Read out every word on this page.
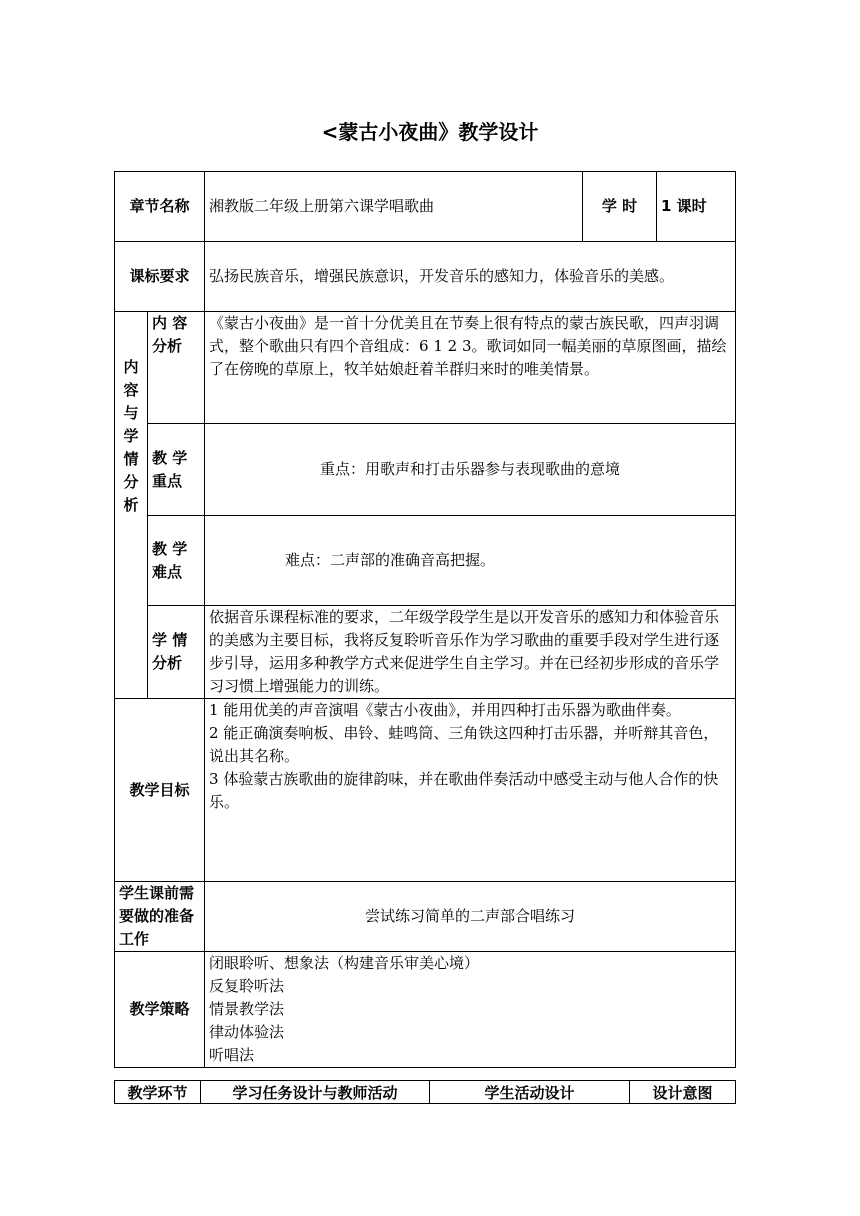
<蒙古小夜曲》教学设计
章节名称		湘教版二年级上册第六课学唱歌曲	学 时	1 课时
课标要求		弘扬民族音乐，增强民族意识，开发音乐的感知力，体验音乐的美感。		

内容与学情分析	内 容 分析	《蒙古小夜曲》是一首十分优美且在节奏上很有特点的蒙古族民歌，四声羽调式，整个歌曲只有四个音组成：6 1 2 3。歌词如同一幅美丽的草原图画，描绘了在傍晚的草原上，牧羊姑娘赶着羊群归来时的唯美情景。		
	教 学 重点	重点：用歌声和打击乐器参与表现歌曲的意境		
	教 学 难点	难点：二声部的准确音高把握。		
	学 情 分析	依据音乐课程标准的要求，二年级学段学生是以开发音乐的感知力和体验音乐的美感为主要目标，我将反复聆听音乐作为学习歌曲的重要手段对学生进行逐步引导，运用多种教学方式来促进学生自主学习。并在已经初步形成的音乐学习习惯上增强能力的训练。		
教学目标		1 能用优美的声音演唱《蒙古小夜曲》，并用四种打击乐器为歌曲伴奏。

2 能正确演奏响板、串铃、蛙鸣筒、三角铁这四种打击乐器，并听辩其音色，说出其名称。

3 体验蒙古族歌曲的旋律韵味，并在歌曲伴奏活动中感受主动与他人合作的快乐。		

学生课前需要做的准备工作		尝试练习简单的二声部合唱练习		
教学策略		闭眼聆听、想象法（构建音乐审美心境）

反复聆听法

情景教学法

律动体验法

听唱法		

教学环节	学习任务设计与教师活动	学生活动设计	设计意图
